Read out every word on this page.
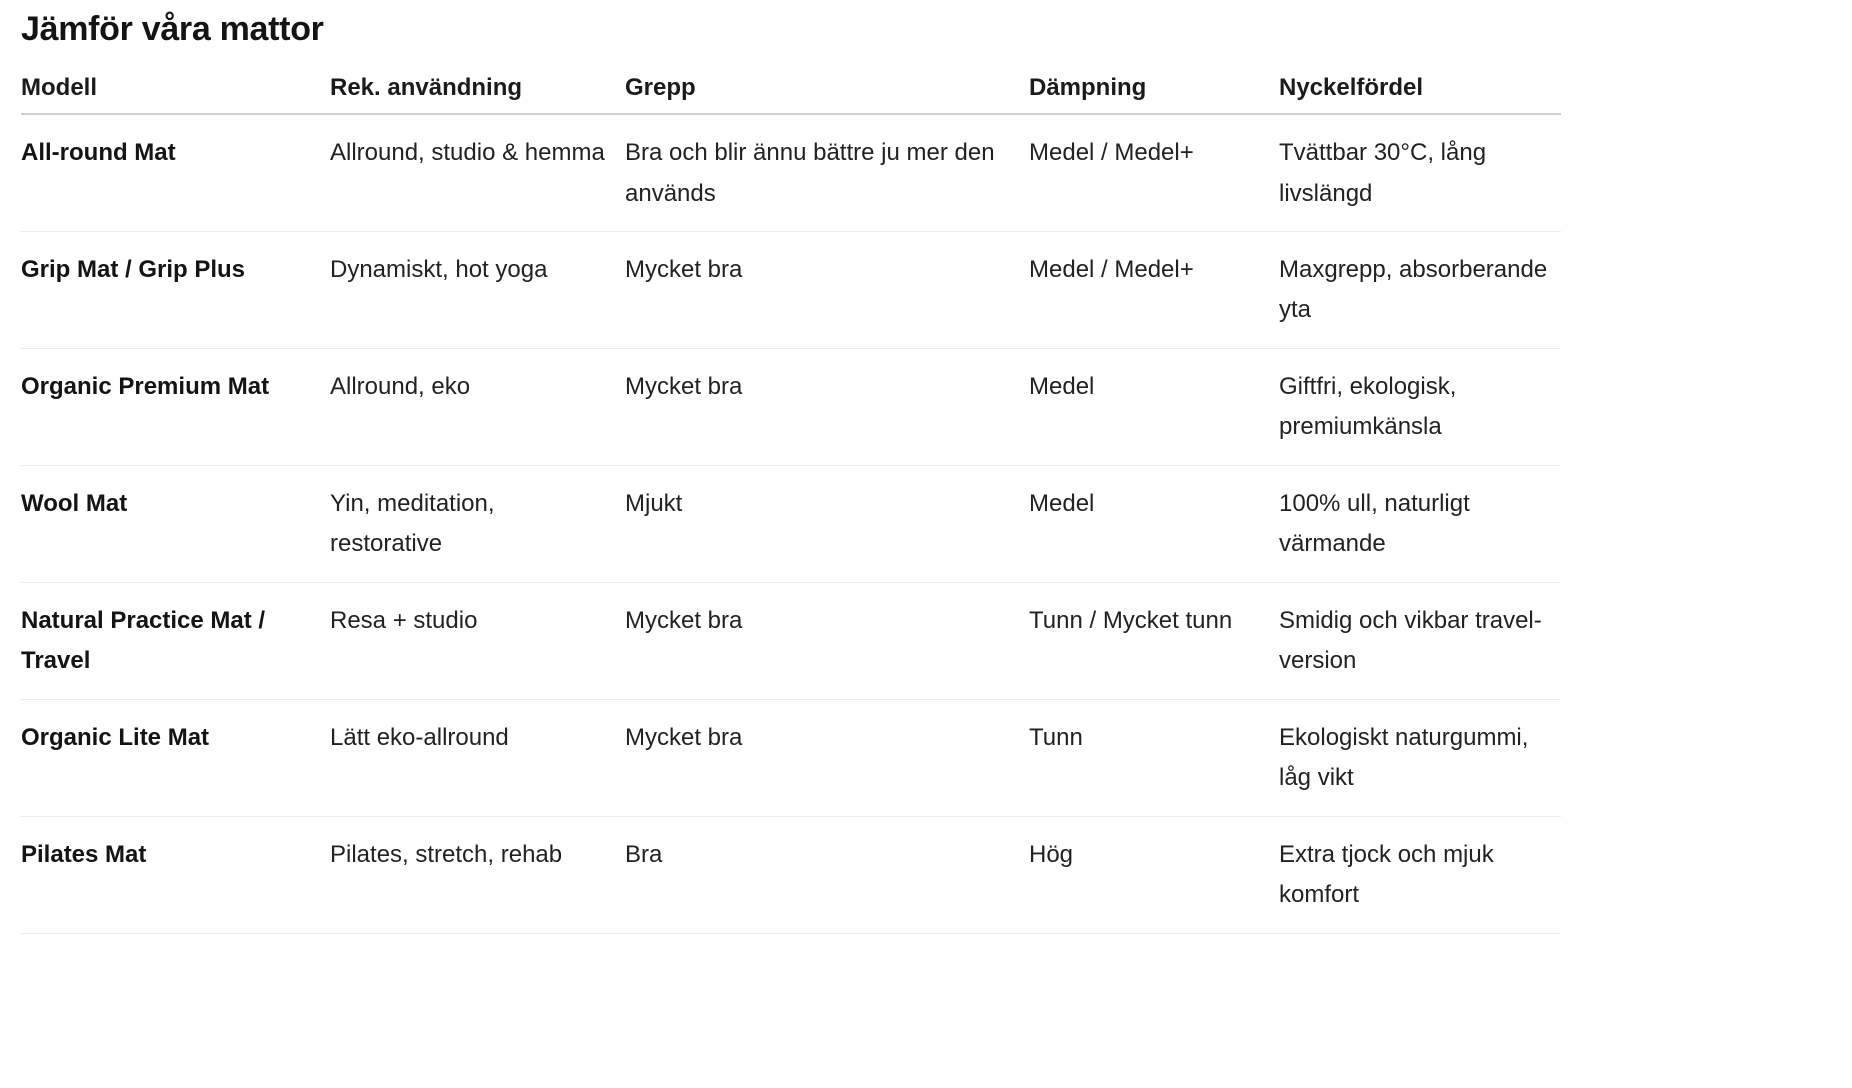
Jämför våra mattor
Modell	Rek. användning	Grepp	Dämpning	Nyckelfördel
All-round Mat	Allround, studio & hemma	Bra och blir ännu bättre ju mer den används	Medel / Medel+	Tvättbar 30°C, lång livslängd
Grip Mat / Grip Plus	Dynamiskt, hot yoga	Mycket bra	Medel / Medel+	Maxgrepp, absorberande yta
Organic Premium Mat	Allround, eko	Mycket bra	Medel	Giftfri, ekologisk, premiumkänsla
Wool Mat	Yin, meditation, restorative	Mjukt	Medel	100% ull, naturligt värmande
Natural Practice Mat / Travel	Resa + studio	Mycket bra	Tunn / Mycket tunn	Smidig och vikbar travel-version
Organic Lite Mat	Lätt eko-allround	Mycket bra	Tunn	Ekologiskt naturgummi, låg vikt
Pilates Mat	Pilates, stretch, rehab	Bra	Hög	Extra tjock och mjuk komfort
